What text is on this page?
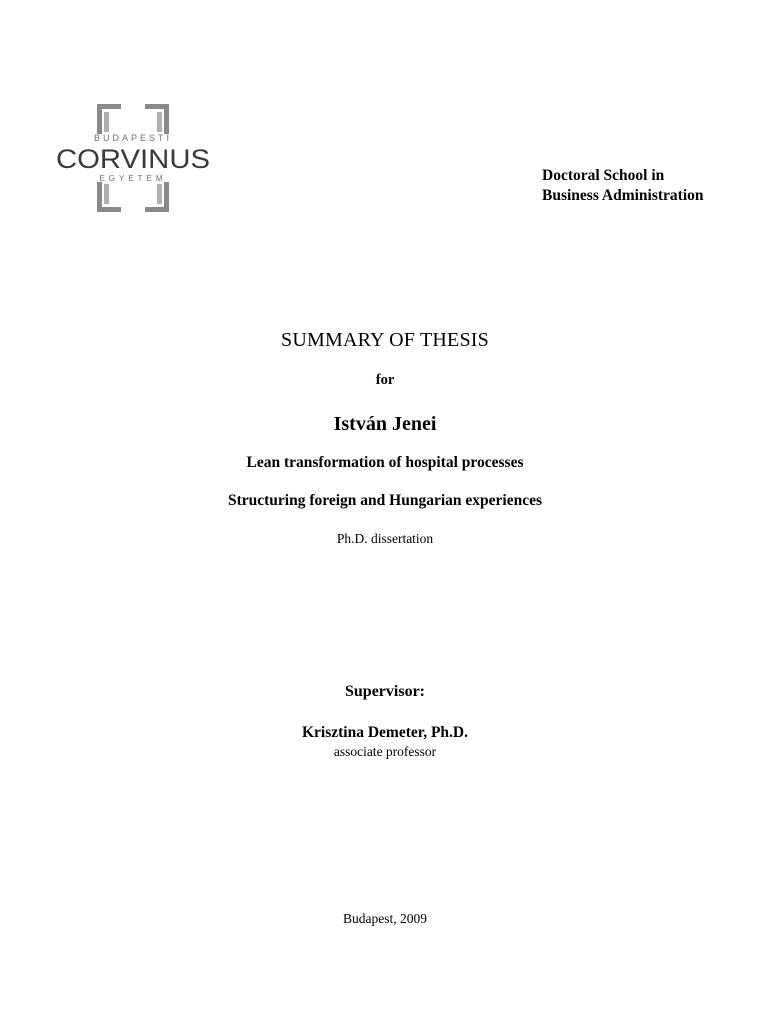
BUDAPESTI
CORVINUS
EGYETEM	Doctoral School in
Business Administration
SUMMARY OF THESIS
for
István Jenei
Lean transformation of hospital processes
Structuring foreign and Hungarian experiences
Ph.D. dissertation
Supervisor:
Krisztina Demeter, Ph.D.
associate professor
Budapest, 2009
